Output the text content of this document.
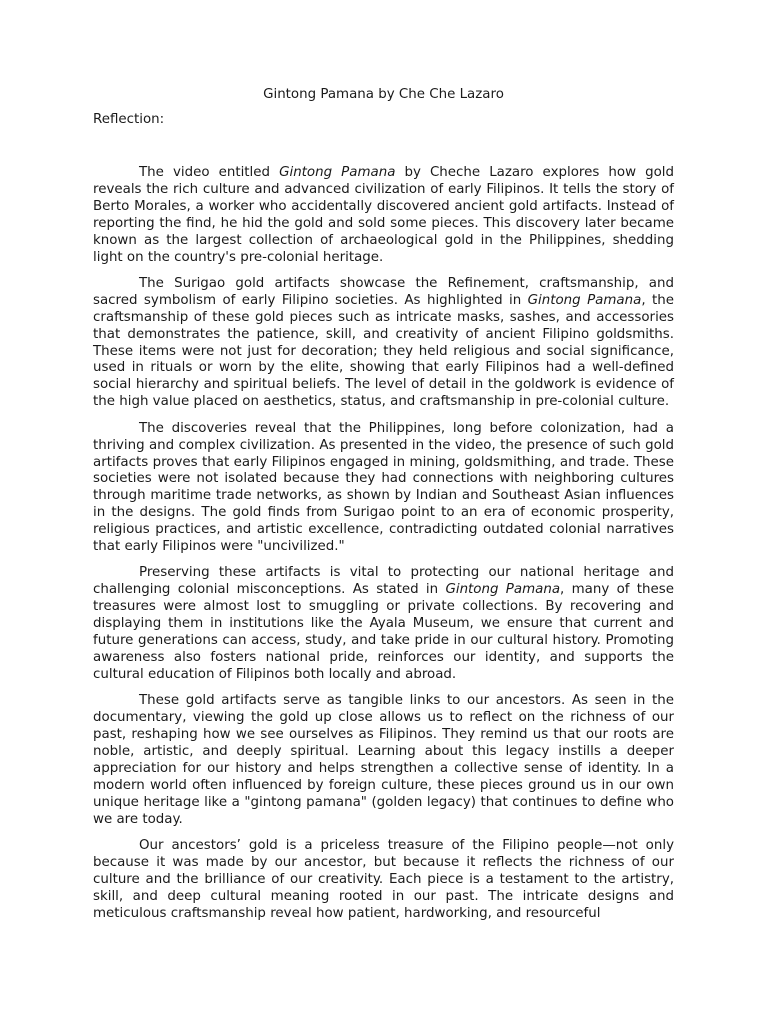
Gintong Pamana by Che Che Lazaro

Reflection:

The video entitled Gintong Pamana by Cheche Lazaro explores how gold reveals the rich culture and advanced civilization of early Filipinos. It tells the story of Berto Morales, a worker who accidentally discovered ancient gold artifacts. Instead of reporting the find, he hid the gold and sold some pieces. This discovery later became known as the largest collection of archaeological gold in the Philippines, shedding light on the country's pre-colonial heritage.

The Surigao gold artifacts showcase the Refinement, craftsmanship, and sacred symbolism of early Filipino societies. As highlighted in Gintong Pamana, the craftsmanship of these gold pieces such as intricate masks, sashes, and accessories that demonstrates the patience, skill, and creativity of ancient Filipino goldsmiths. These items were not just for decoration; they held religious and social significance, used in rituals or worn by the elite, showing that early Filipinos had a well-defined social hierarchy and spiritual beliefs. The level of detail in the goldwork is evidence of the high value placed on aesthetics, status, and craftsmanship in pre-colonial culture.

The discoveries reveal that the Philippines, long before colonization, had a thriving and complex civilization. As presented in the video, the presence of such gold artifacts proves that early Filipinos engaged in mining, goldsmithing, and trade. These societies were not isolated because they had connections with neighboring cultures through maritime trade networks, as shown by Indian and Southeast Asian influences in the designs. The gold finds from Surigao point to an era of economic prosperity, religious practices, and artistic excellence, contradicting outdated colonial narratives that early Filipinos were "uncivilized."

Preserving these artifacts is vital to protecting our national heritage and challenging colonial misconceptions. As stated in Gintong Pamana, many of these treasures were almost lost to smuggling or private collections. By recovering and displaying them in institutions like the Ayala Museum, we ensure that current and future generations can access, study, and take pride in our cultural history. Promoting awareness also fosters national pride, reinforces our identity, and supports the cultural education of Filipinos both locally and abroad.

These gold artifacts serve as tangible links to our ancestors. As seen in the documentary, viewing the gold up close allows us to reflect on the richness of our past, reshaping how we see ourselves as Filipinos. They remind us that our roots are noble, artistic, and deeply spiritual. Learning about this legacy instills a deeper appreciation for our history and helps strengthen a collective sense of identity. In a modern world often influenced by foreign culture, these pieces ground us in our own unique heritage like a "gintong pamana" (golden legacy) that continues to define who we are today.

Our ancestors’ gold is a priceless treasure of the Filipino people—not only because it was made by our ancestor, but because it reflects the richness of our culture and the brilliance of our creativity. Each piece is a testament to the artistry, skill, and deep cultural meaning rooted in our past. The intricate designs and meticulous craftsmanship reveal how patient, hardworking, and resourceful
